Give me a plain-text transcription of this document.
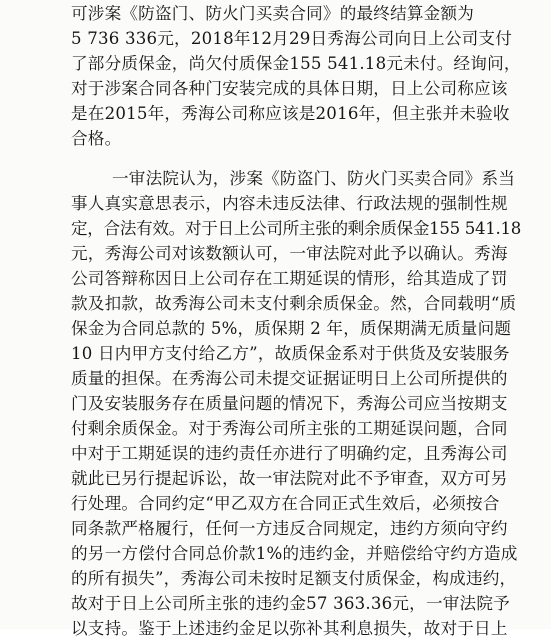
可涉案《防盗门、防火门买卖合同》的最终结算金额为
5 736 336元，2018年12月29日秀海公司向日上公司支付
了部分质保金，尚欠付质保金155 541.18元未付。经询问，
对于涉案合同各种门安装完成的具体日期，日上公司称应该
是在2015年，秀海公司称应该是2016年，但主张并未验收
合格。
一审法院认为，涉案《防盗门、防火门买卖合同》系当
事人真实意思表示，内容未违反法律、行政法规的强制性规
定，合法有效。对于日上公司所主张的剩余质保金155 541.18
元，秀海公司对该数额认可，一审法院对此予以确认。秀海
公司答辩称因日上公司存在工期延误的情形，给其造成了罚
款及扣款，故秀海公司未支付剩余质保金。然，合同载明“质
保金为合同总款的 5%，质保期 2 年，质保期满无质量问题
10 日内甲方支付给乙方”，故质保金系对于供货及安装服务
质量的担保。在秀海公司未提交证据证明日上公司所提供的
门及安装服务存在质量问题的情况下，秀海公司应当按期支
付剩余质保金。对于秀海公司所主张的工期延误问题，合同
中对于工期延误的违约责任亦进行了明确约定，且秀海公司
就此已另行提起诉讼，故一审法院对此不予审查，双方可另
行处理。合同约定“甲乙双方在合同正式生效后，必须按合
同条款严格履行，任何一方违反合同规定，违约方须向守约
的另一方偿付合同总价款1%的违约金，并赔偿给守约方造成
的所有损失”，秀海公司未按时足额支付质保金，构成违约，
故对于日上公司所主张的违约金57 363.36元，一审法院予
以支持。鉴于上述违约金足以弥补其利息损失，故对于日上
